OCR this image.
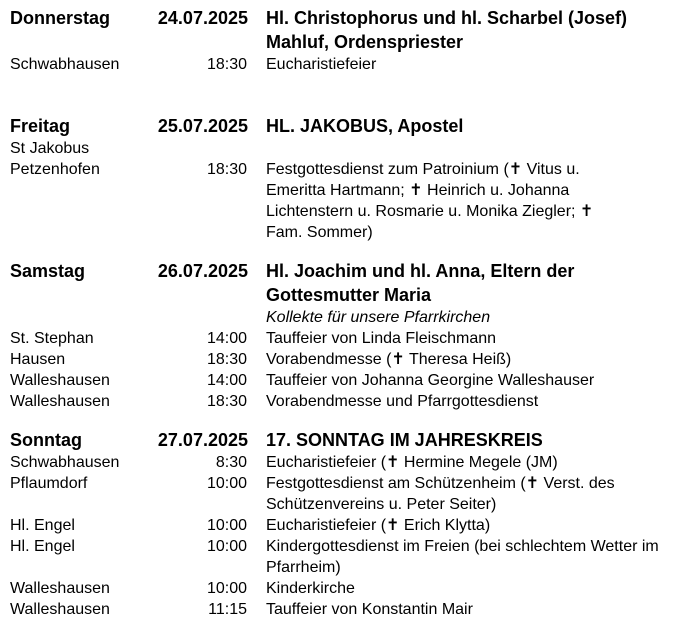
Donnerstag	24.07.2025 Hl. Christophorus und hl. Scharbel (Josef) Mahluf, Ordenspriester
Schwabhausen	18:30 Eucharistiefeier
Freitag	25.07.2025 HL. JAKOBUS, Apostel
St Jakobus
Petzenhofen	18:30 Festgottesdienst zum Patroinium (✝ Vitus u. Emeritta Hartmann; ✝ Heinrich u. Johanna Lichtenstern u. Rosmarie u. Monika Ziegler; ✝ Fam. Sommer)
Samstag	26.07.2025 Hl. Joachim und hl. Anna, Eltern der Gottesmutter Maria
Kollekte für unsere Pfarrkirchen
St. Stephan	14:00 Tauffeier von Linda Fleischmann
Hausen	18:30 Vorabendmesse (✝ Theresa Heiß)
Walleshausen	14:00 Tauffeier von Johanna Georgine Walleshauser
Walleshausen	18:30 Vorabendmesse und Pfarrgottesdienst
Sonntag	27.07.2025 17. SONNTAG IM JAHRESKREIS
Schwabhausen	8:30 Eucharistiefeier (✝ Hermine Megele (JM)
Pflaumdorf	10:00 Festgottesdienst am Schützenheim (✝ Verst. des Schützenvereins u. Peter Seiter)
Hl. Engel	10:00 Eucharistiefeier (✝ Erich Klytta)
Hl. Engel	10:00 Kindergottesdienst im Freien (bei schlechtem Wetter im Pfarrheim)
Walleshausen	10:00 Kinderkirche
Walleshausen	11:15 Tauffeier von Konstantin Mair
